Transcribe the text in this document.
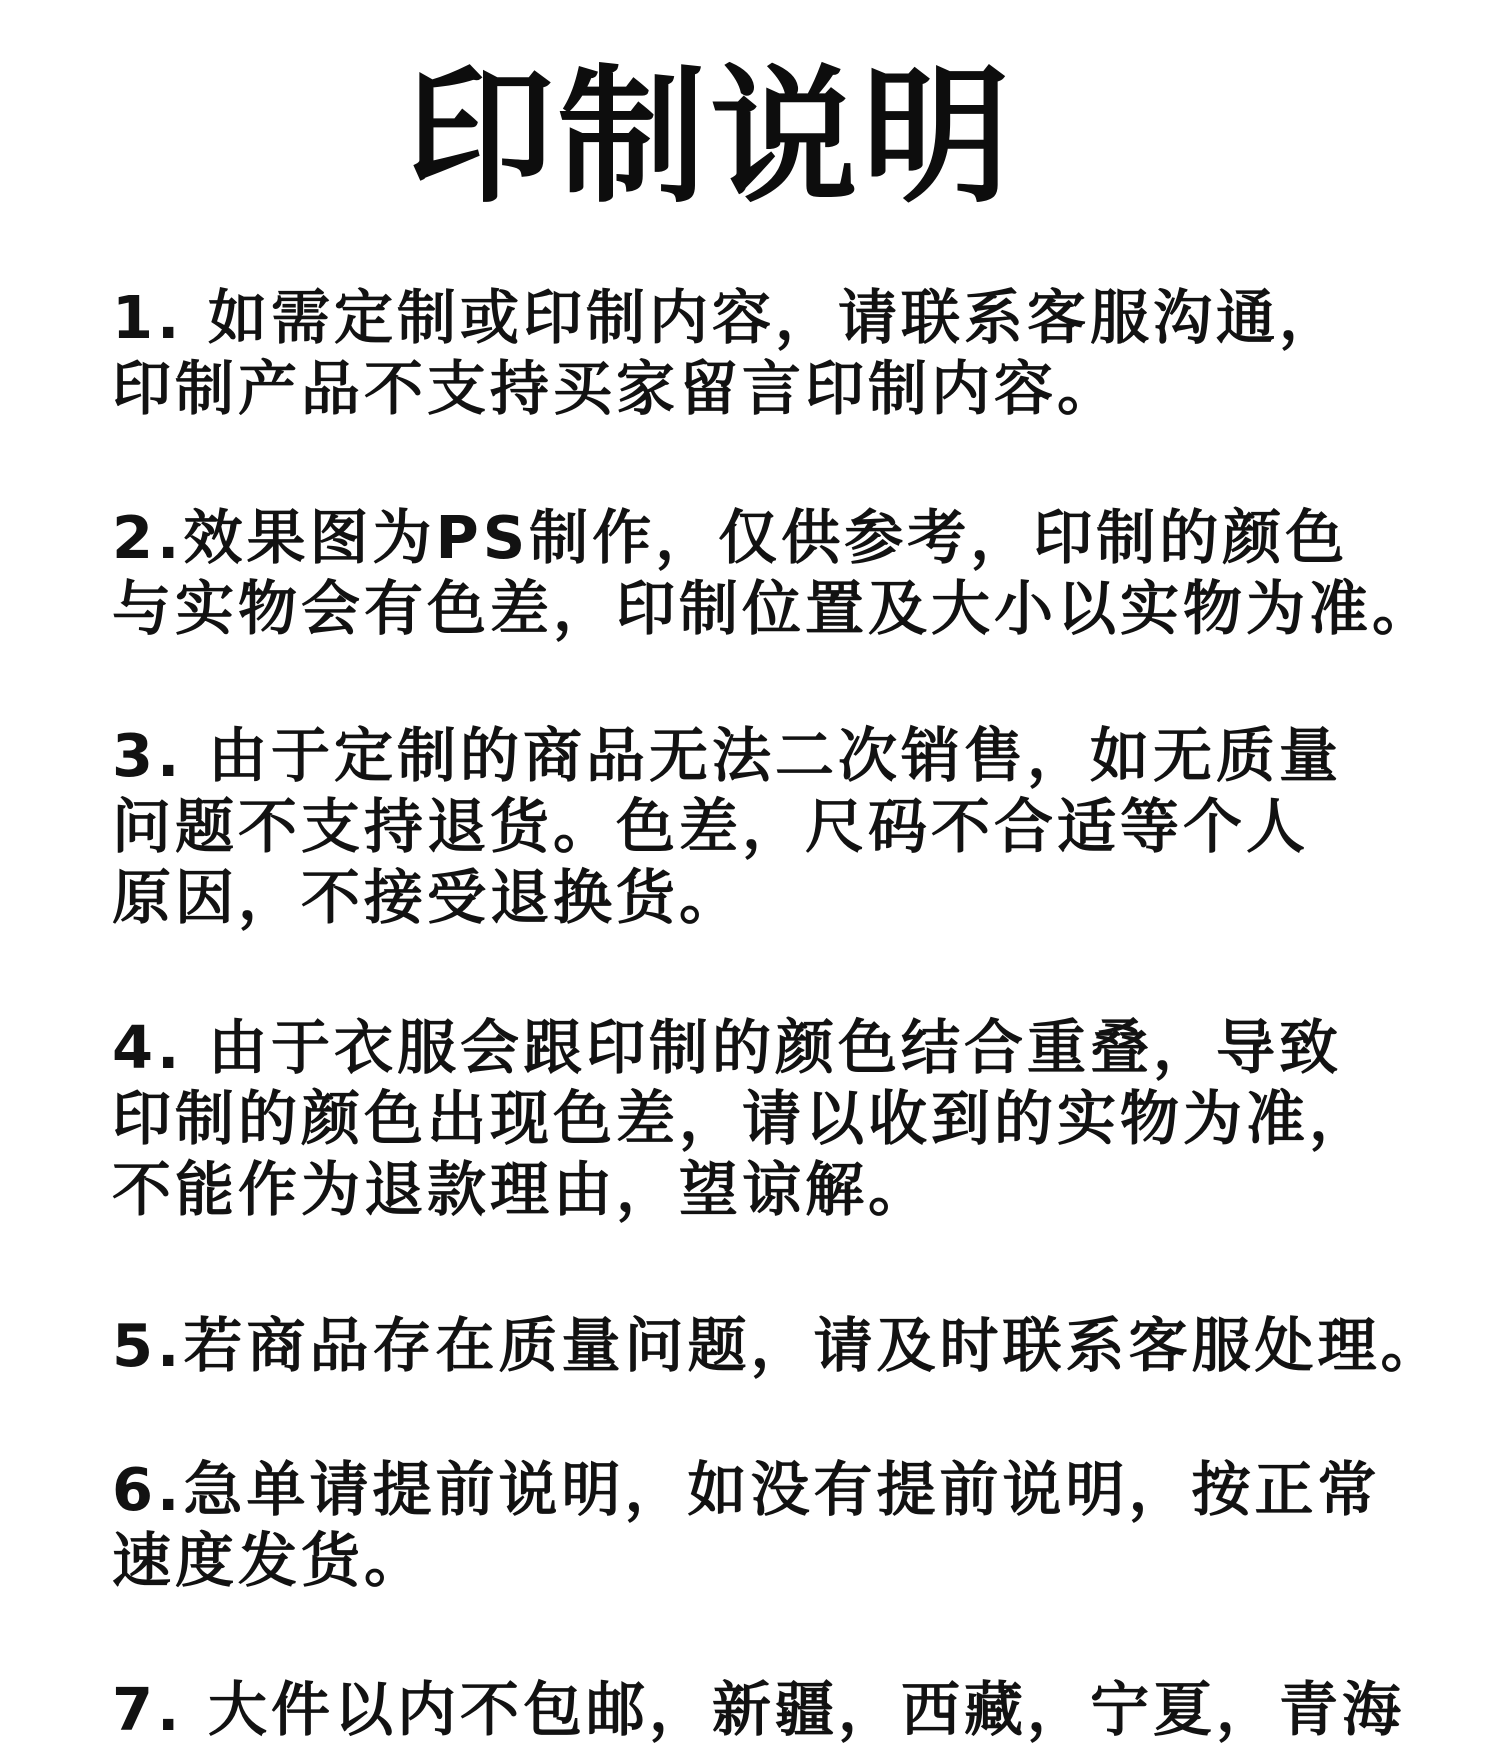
印制说明

1. 如需定制或印制内容，请联系客服沟通，
印制产品不支持买家留言印制内容。

2.效果图为PS制作，仅供参考，印制的颜色
与实物会有色差，印制位置及大小以实物为准。

3. 由于定制的商品无法二次销售，如无质量
问题不支持退货。色差，尺码不合适等个人
原因，不接受退换货。

4. 由于衣服会跟印制的颜色结合重叠，导致
印制的颜色出现色差，请以收到的实物为准，
不能作为退款理由，望谅解。

5.若商品存在质量问题，请及时联系客服处理。

6.急单请提前说明，如没有提前说明，按正常
速度发货。

7. 大件以内不包邮，新疆，西藏，宁夏，青海
